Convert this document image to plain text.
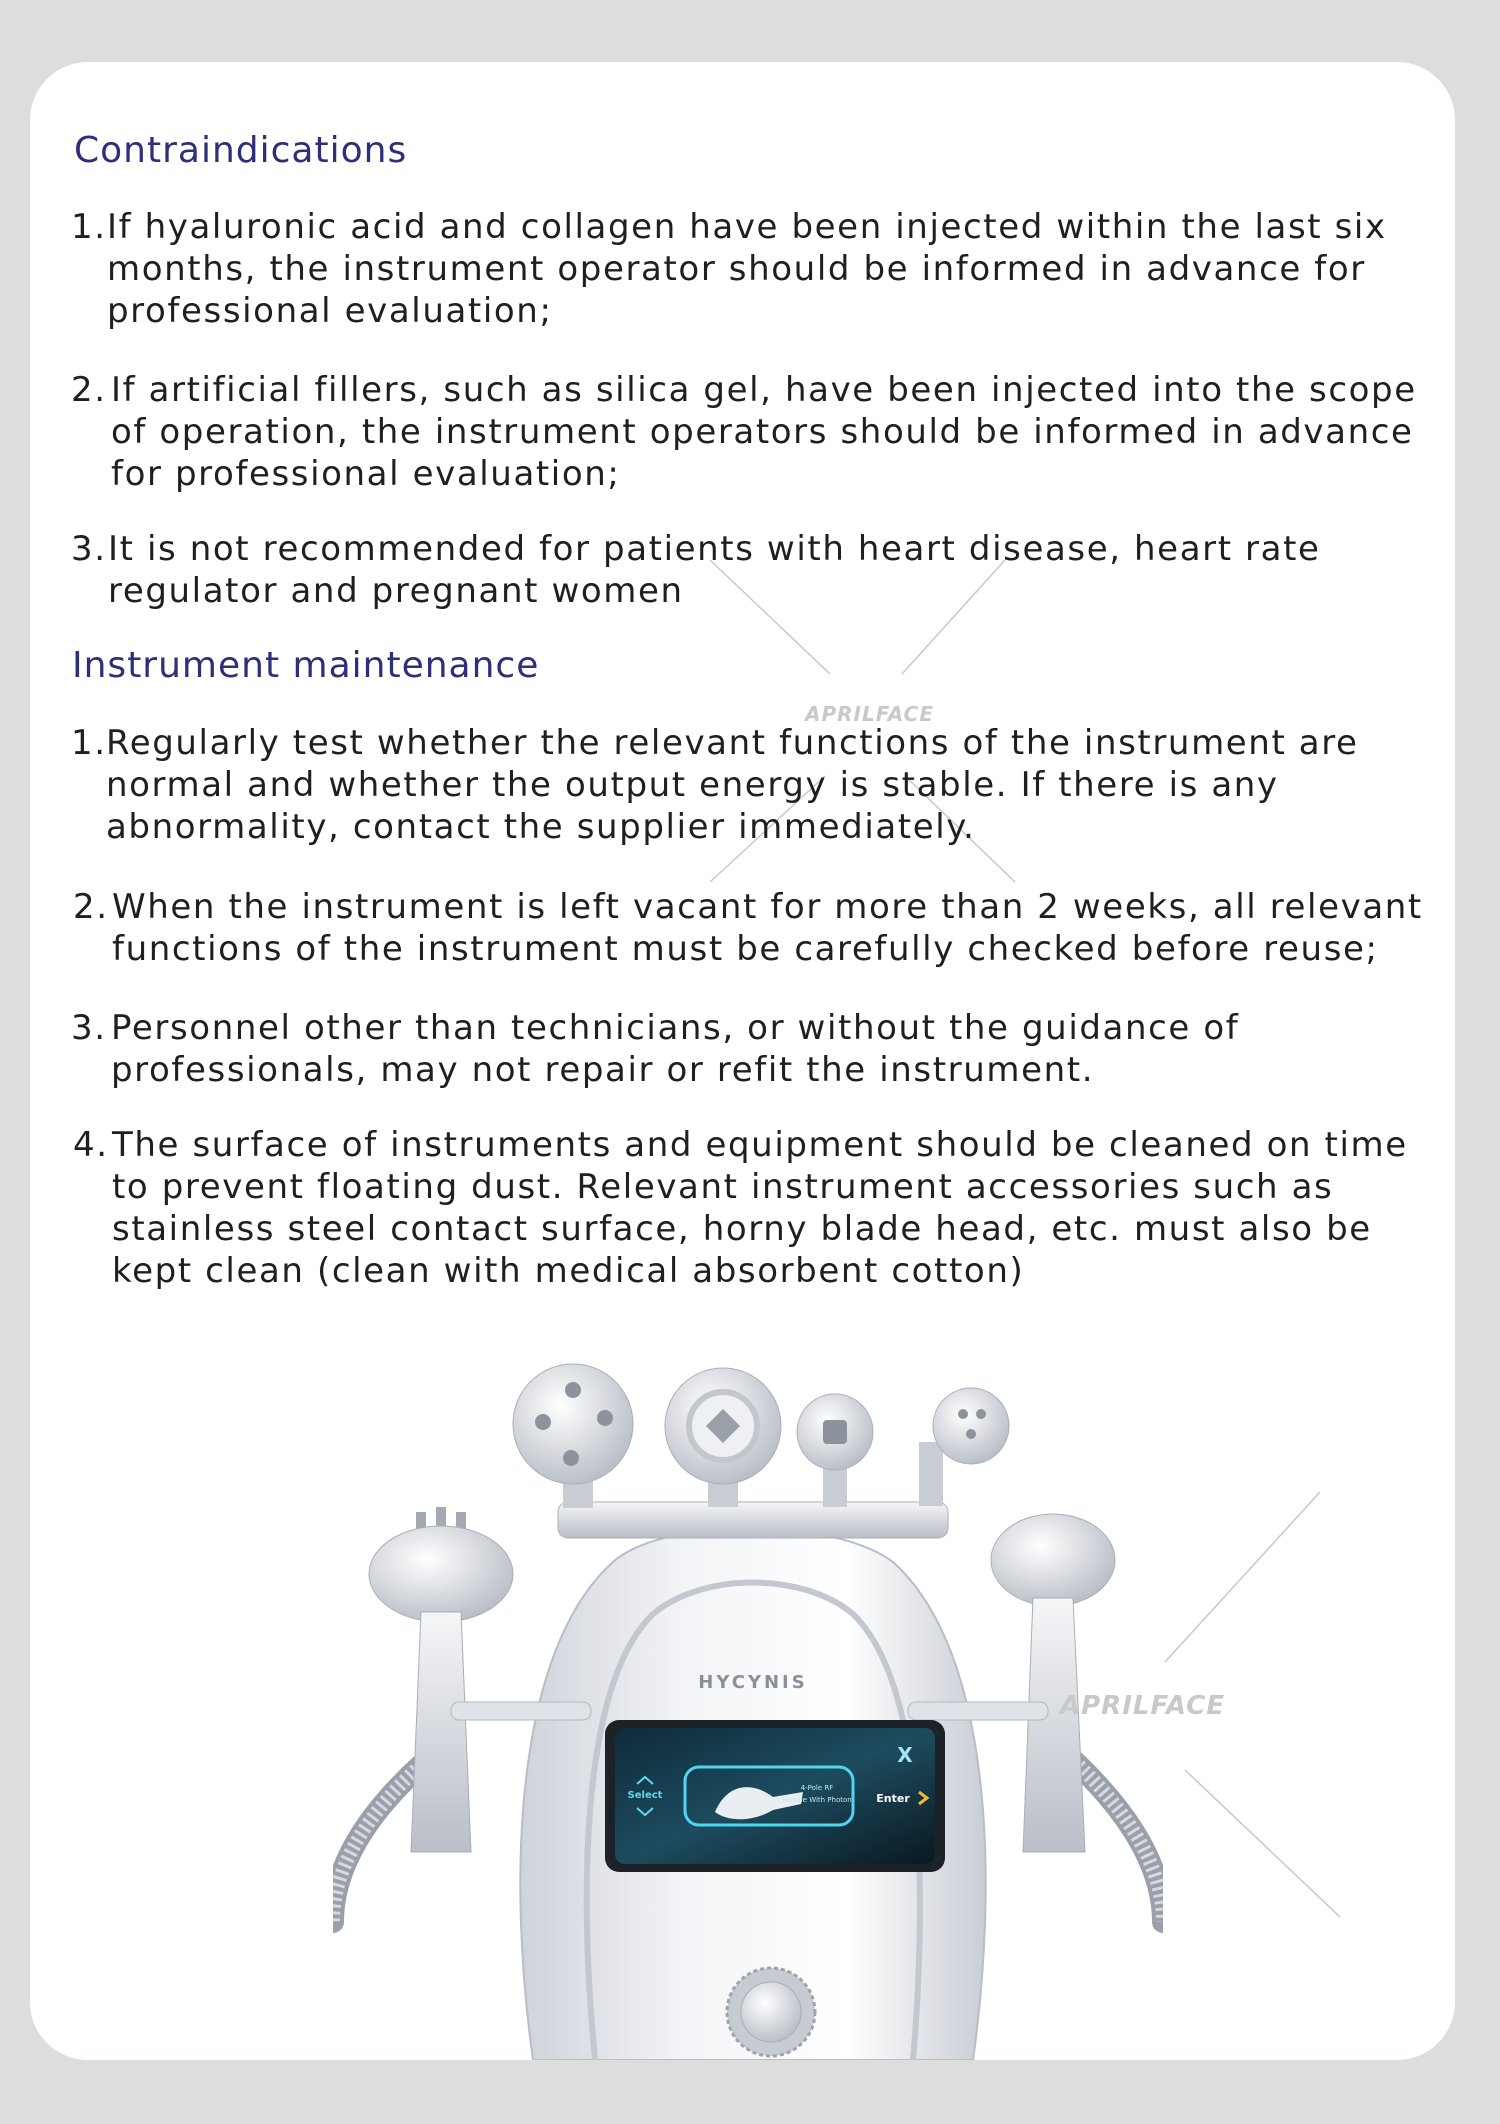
Contraindications
1. If hyaluronic acid and collagen have been injected within the last six
months, the instrument operator should be informed in advance for
professional evaluation;
2. If artificial fillers, such as silica gel, have been injected into the scope
of operation, the instrument operators should be informed in advance
for professional evaluation;
3. It is not recommended for patients with heart disease, heart rate
regulator and pregnant women
Instrument maintenance
APRILFACE
1. Regularly test whether the relevant functions of the instrument are
normal and whether the output energy is stable. If there is any
abnormality, contact the supplier immediately.
2. When the instrument is left vacant for more than 2 weeks, all relevant
functions of the instrument must be carefully checked before reuse;
3. Personnel other than technicians, or without the guidance of
professionals, may not repair or refit the instrument.
4. The surface of instruments and equipment should be cleaned on time
to prevent floating dust. Relevant instrument accessories such as
stainless steel contact surface, horny blade head, etc. must also be
kept clean (clean with medical absorbent cotton)
HYCYNIS
Select
4-Pole RF
Handle With Photon
X
Enter
APRILFACE
